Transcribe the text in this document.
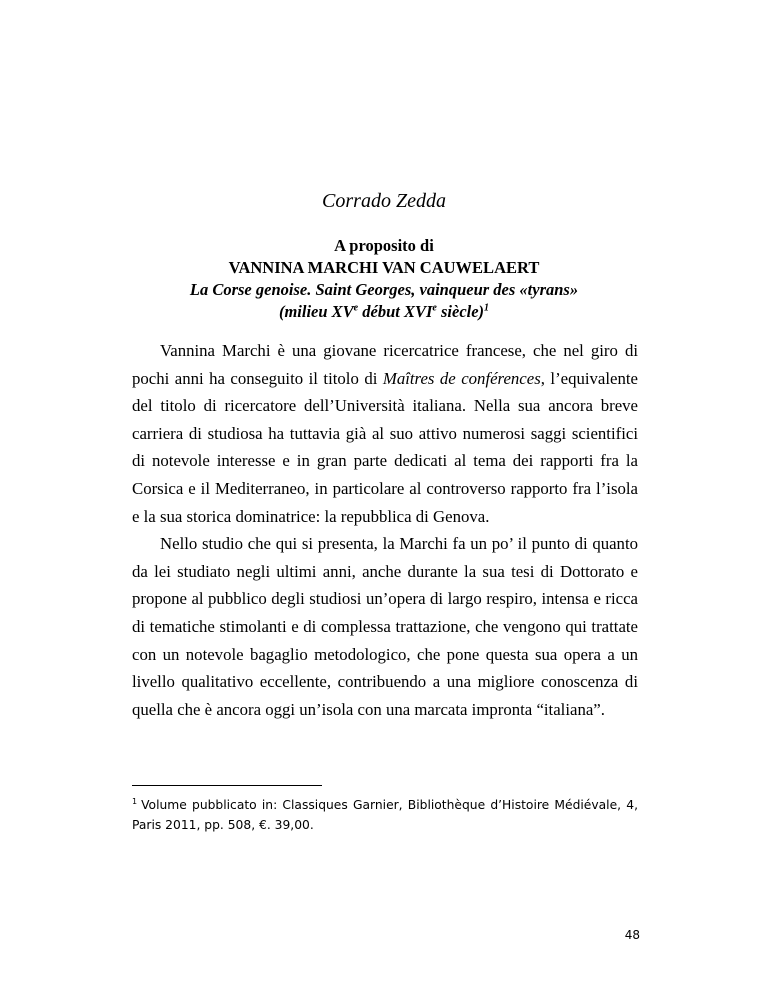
Corrado Zedda
A proposito di
VANNINA MARCHI VAN CAUWELAERT
La Corse genoise. Saint Georges, vainqueur des «tyrans»
(milieu XVe début XVIe siècle)$^1$

Vannina Marchi è una giovane ricercatrice francese, che nel giro di pochi anni ha conseguito il titolo di Maîtres de conférences, l’equivalente del titolo di ricercatore dell’Università italiana. Nella sua ancora breve carriera di studiosa ha tuttavia già al suo attivo numerosi saggi scientifici di notevole interesse e in gran parte dedicati al tema dei rapporti fra la Corsica e il Mediterraneo, in particolare al controverso rapporto fra l’isola e la sua storica dominatrice: la repubblica di Genova.

Nello studio che qui si presenta, la Marchi fa un po’ il punto di quanto da lei studiato negli ultimi anni, anche durante la sua tesi di Dottorato e propone al pubblico degli studiosi un’opera di largo respiro, intensa e ricca di tematiche stimolanti e di complessa trattazione, che vengono qui trattate con un notevole bagaglio metodologico, che pone questa sua opera a un livello qualitativo eccellente, contribuendo a una migliore conoscenza di quella che è ancora oggi un’isola con una marcata impronta “italiana”.

$^1$ Volume pubblicato in: Classiques Garnier, Bibliothèque d’Histoire Médiévale, 4, Paris 2011, pp. 508, €. 39,00.
48
